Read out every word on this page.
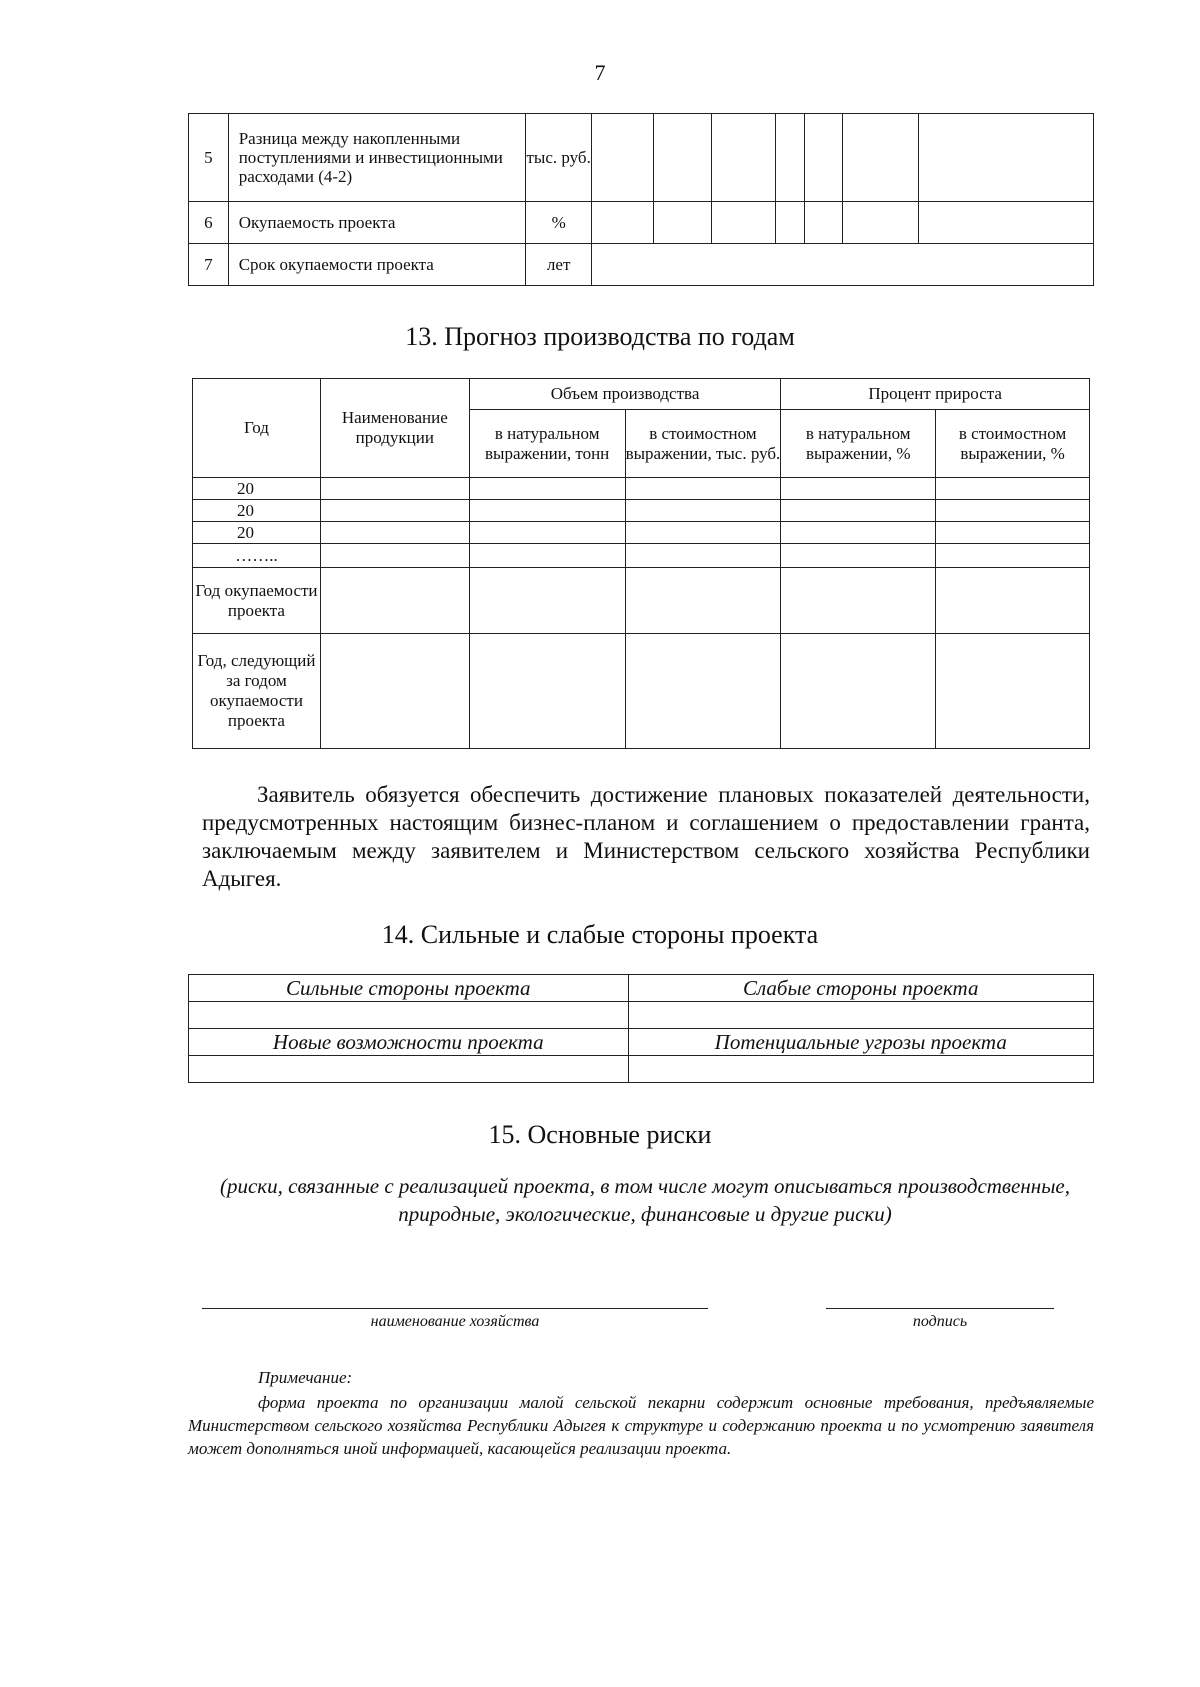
7
5	Разница между накопленными поступлениями и инвестиционными расходами (4-2)	тыс. руб.							
6	Окупаемость проекта	%							
7	Срок окупаемости проекта	лет							
13. Прогноз производства по годам
Год	Наименование продукции	Объем производства		Процент прироста	
		в натуральном выражении, тонн	в стоимостном выражении, тыс. руб.	в натуральном выражении, %	в стоимостном выражении, %
20					
20					
20					
……..					
Год окупаемости проекта					
Год, следующий за годом окупаемости проекта					

Заявитель обязуется обеспечить достижение плановых показателей деятельности, предусмотренных настоящим бизнес-планом и соглашением о предоставлении гранта, заключаемым между заявителем и Министерством сельского хозяйства Республики Адыгея.

14. Сильные и слабые стороны проекта
Сильные стороны проекта	Слабые стороны проекта

Новые возможности проекта	Потенциальные угрозы проекта

15. Основные риски
(риски, связанные с реализацией проекта, в том числе могут описываться производственные, природные, экологические, финансовые и другие риски)
наименование хозяйства	подпись
Примечание:

форма проекта по организации малой сельской пекарни содержит основные требования, предъявляемые Министерством сельского хозяйства Республики Адыгея к структуре и содержанию проекта и по усмотрению заявителя может дополняться иной информацией, касающейся реализации проекта.
